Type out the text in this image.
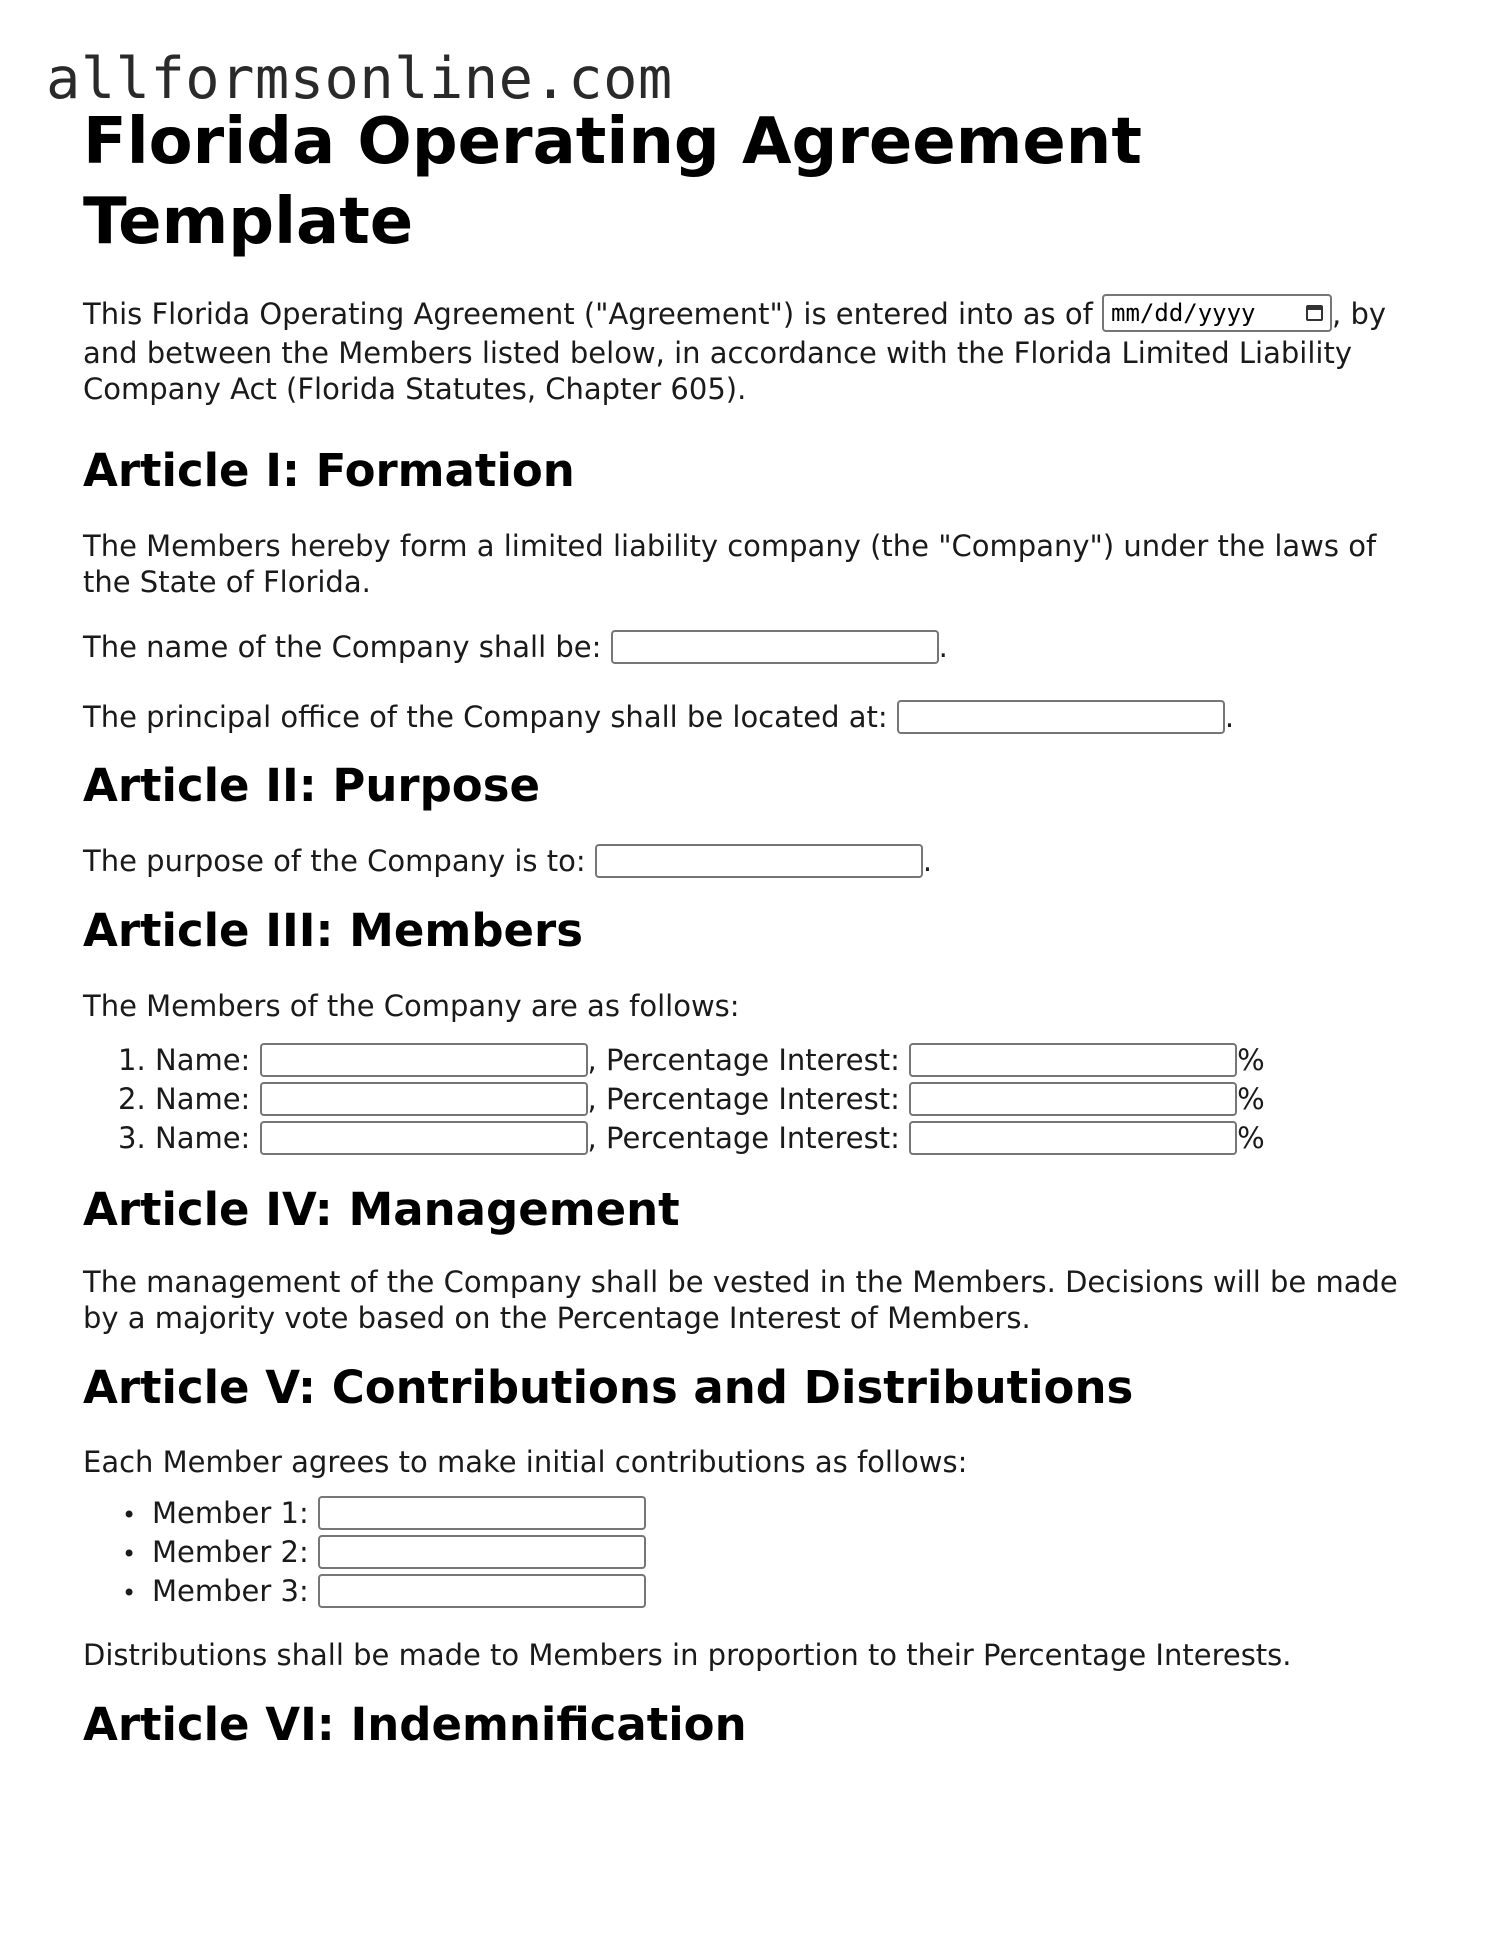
allformsonline.com
Florida Operating Agreement Template

This Florida Operating Agreement ("Agreement") is entered into as of mm/dd/yyyy	, by and between the Members listed below, in accordance with the Florida Limited Liability Company Act (Florida Statutes, Chapter 605).

Article I: Formation

The Members hereby form a limited liability company (the "Company") under the laws of the State of Florida.

The name of the Company shall be:	.

The principal office of the Company shall be located at:	.

Article II: Purpose

The purpose of the Company is to:	.

Article III: Members

The Members of the Company are as follows:

1. Name:	, Percentage Interest:	%
2. Name:	, Percentage Interest:	%
3. Name:	, Percentage Interest:	%
Article IV: Management

The management of the Company shall be vested in the Members. Decisions will be made by a majority vote based on the Percentage Interest of Members.

Article V: Contributions and Distributions

Each Member agrees to make initial contributions as follows:

• Member 1:
• Member 2:
• Member 3:

Distributions shall be made to Members in proportion to their Percentage Interests.

Article VI: Indemnification
